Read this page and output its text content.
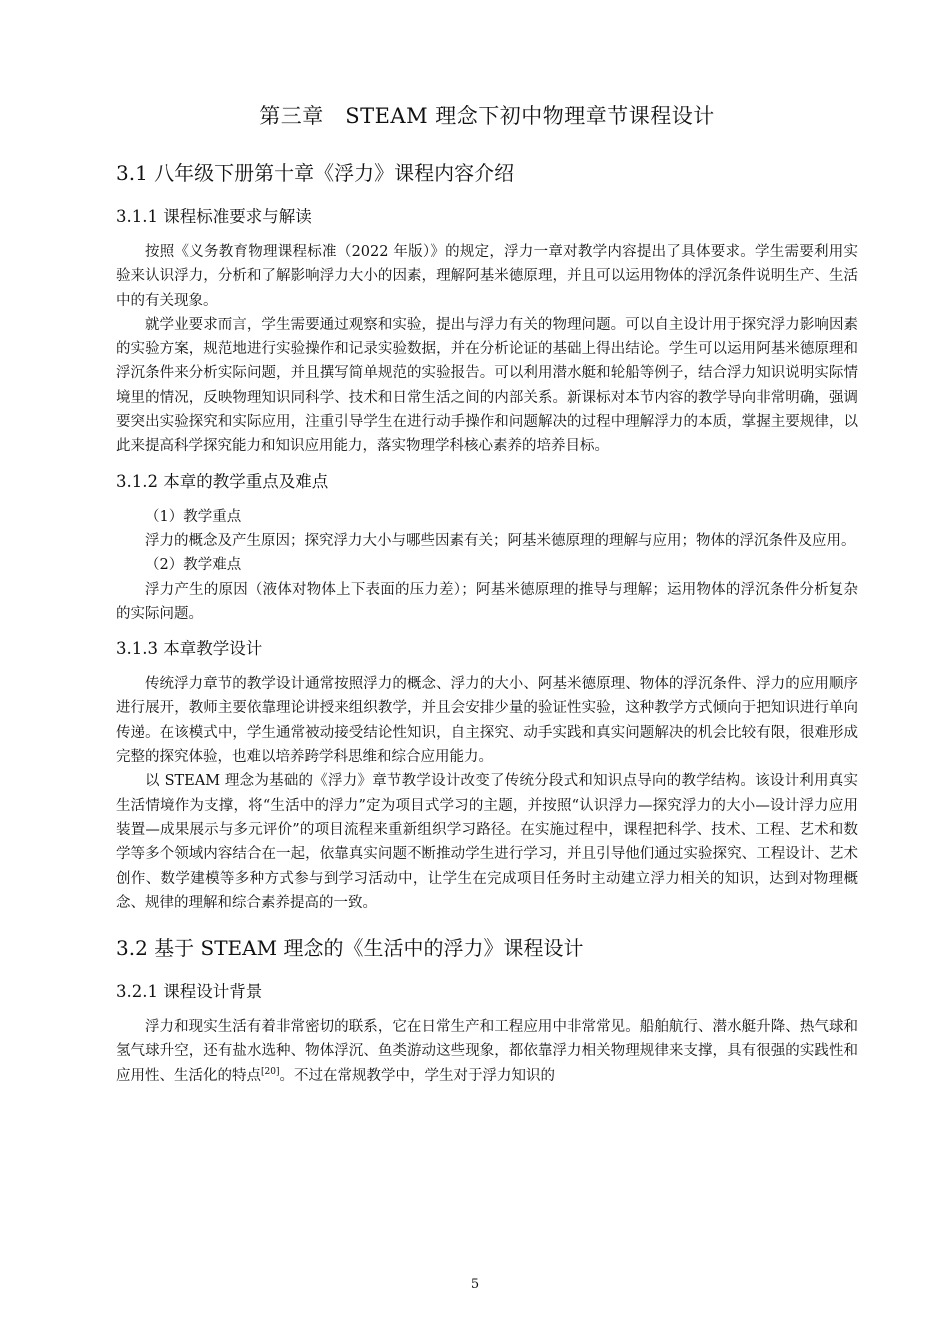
第三章　STEAM 理念下初中物理章节课程设计
3.1 八年级下册第十章《浮力》课程内容介绍
3.1.1 课程标准要求与解读

按照《义务教育物理课程标准（2022 年版）》的规定，浮力一章对教学内容提出了具体要求。学生需要利用实验来认识浮力，分析和了解影响浮力大小的因素，理解阿基米德原理，并且可以运用物体的浮沉条件说明生产、生活中的有关现象。

就学业要求而言，学生需要通过观察和实验，提出与浮力有关的物理问题。可以自主设计用于探究浮力影响因素的实验方案，规范地进行实验操作和记录实验数据，并在分析论证的基础上得出结论。学生可以运用阿基米德原理和浮沉条件来分析实际问题，并且撰写简单规范的实验报告。可以利用潜水艇和轮船等例子，结合浮力知识说明实际情境里的情况，反映物理知识同科学、技术和日常生活之间的内部关系。新课标对本节内容的教学导向非常明确，强调要突出实验探究和实际应用，注重引导学生在进行动手操作和问题解决的过程中理解浮力的本质，掌握主要规律，以此来提高科学探究能力和知识应用能力，落实物理学科核心素养的培养目标。

3.1.2 本章的教学重点及难点

（1）教学重点

浮力的概念及产生原因；探究浮力大小与哪些因素有关；阿基米德原理的理解与应用；物体的浮沉条件及应用。

（2）教学难点

浮力产生的原因（液体对物体上下表面的压力差）；阿基米德原理的推导与理解；运用物体的浮沉条件分析复杂的实际问题。

3.1.3 本章教学设计

传统浮力章节的教学设计通常按照浮力的概念、浮力的大小、阿基米德原理、物体的浮沉条件、浮力的应用顺序进行展开，教师主要依靠理论讲授来组织教学，并且会安排少量的验证性实验，这种教学方式倾向于把知识进行单向传递。在该模式中，学生通常被动接受结论性知识，自主探究、动手实践和真实问题解决的机会比较有限，很难形成完整的探究体验，也难以培养跨学科思维和综合应用能力。

以 STEAM 理念为基础的《浮力》章节教学设计改变了传统分段式和知识点导向的教学结构。该设计利用真实生活情境作为支撑，将“生活中的浮力”定为项目式学习的主题，并按照“认识浮力—探究浮力的大小—设计浮力应用装置—成果展示与多元评价”的项目流程来重新组织学习路径。在实施过程中，课程把科学、技术、工程、艺术和数学等多个领域内容结合在一起，依靠真实问题不断推动学生进行学习，并且引导他们通过实验探究、工程设计、艺术创作、数学建模等多种方式参与到学习活动中，让学生在完成项目任务时主动建立浮力相关的知识，达到对物理概念、规律的理解和综合素养提高的一致。

3.2 基于 STEAM 理念的《生活中的浮力》课程设计
3.2.1 课程设计背景

浮力和现实生活有着非常密切的联系，它在日常生产和工程应用中非常常见。船舶航行、潜水艇升降、热气球和氢气球升空，还有盐水选种、物体浮沉、鱼类游动这些现象，都依靠浮力相关物理规律来支撑，具有很强的实践性和应用性、生活化的特点[20]。不过在常规教学中，学生对于浮力知识的

5
